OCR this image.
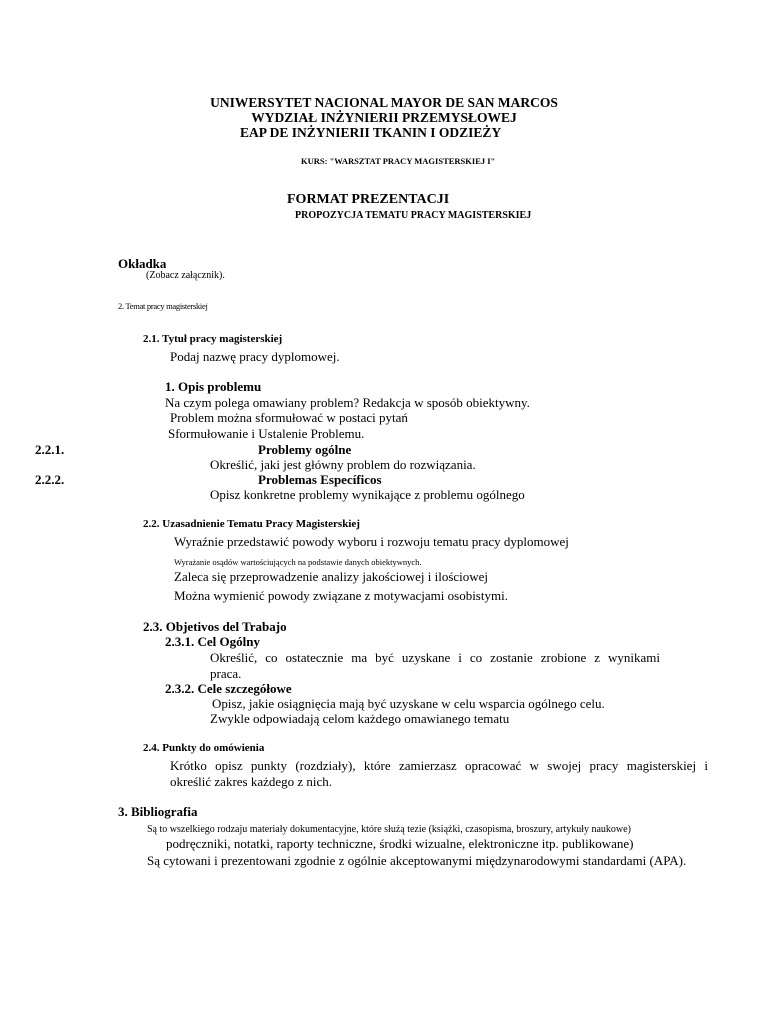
UNIWERSYTET NACIONAL MAYOR DE SAN MARCOS
WYDZIAŁ INŻYNIERII PRZEMYSŁOWEJ
EAP DE INŻYNIERII TKANIN I ODZIEŻY
KURS: "WARSZTAT PRACY MAGISTERSKIEJ I"
FORMAT PREZENTACJI
PROPOZYCJA TEMATU PRACY MAGISTERSKIEJ
Okładka
(Zobacz załącznik).
2. Temat pracy magisterskiej
2.1. Tytuł pracy magisterskiej
Podaj nazwę pracy dyplomowej.
1. Opis problemu
Na czym polega omawiany problem? Redakcja w sposób obiektywny.
Problem można sformułować w postaci pytań
Sformułowanie i Ustalenie Problemu.
2.2.1.	Problemy ogólne
Określić, jaki jest główny problem do rozwiązania.
2.2.2.	Problemas Específicos
Opisz konkretne problemy wynikające z problemu ogólnego
2.2. Uzasadnienie Tematu Pracy Magisterskiej
Wyraźnie przedstawić powody wyboru i rozwoju tematu pracy dyplomowej
Wyrażanie osądów wartościujących na podstawie danych obiektywnych.
Zaleca się przeprowadzenie analizy jakościowej i ilościowej
Można wymienić powody związane z motywacjami osobistymi.
2.3. Objetivos del Trabajo
2.3.1. Cel Ogólny
Określić, co ostatecznie ma być uzyskane i co zostanie zrobione z wynikami
praca.
2.3.2. Cele szczegółowe
Opisz, jakie osiągnięcia mają być uzyskane w celu wsparcia ogólnego celu.
Zwykle odpowiadają celom każdego omawianego tematu
2.4. Punkty do omówienia
Krótko opisz punkty (rozdziały), które zamierzasz opracować w swojej pracy magisterskiej i
określić zakres każdego z nich.
3. Bibliografia
Są to wszelkiego rodzaju materiały dokumentacyjne, które służą tezie (książki, czasopisma, broszury, artykuły naukowe)
podręczniki, notatki, raporty techniczne, środki wizualne, elektroniczne itp. publikowane)
Są cytowani i prezentowani zgodnie z ogólnie akceptowanymi międzynarodowymi standardami (APA).
